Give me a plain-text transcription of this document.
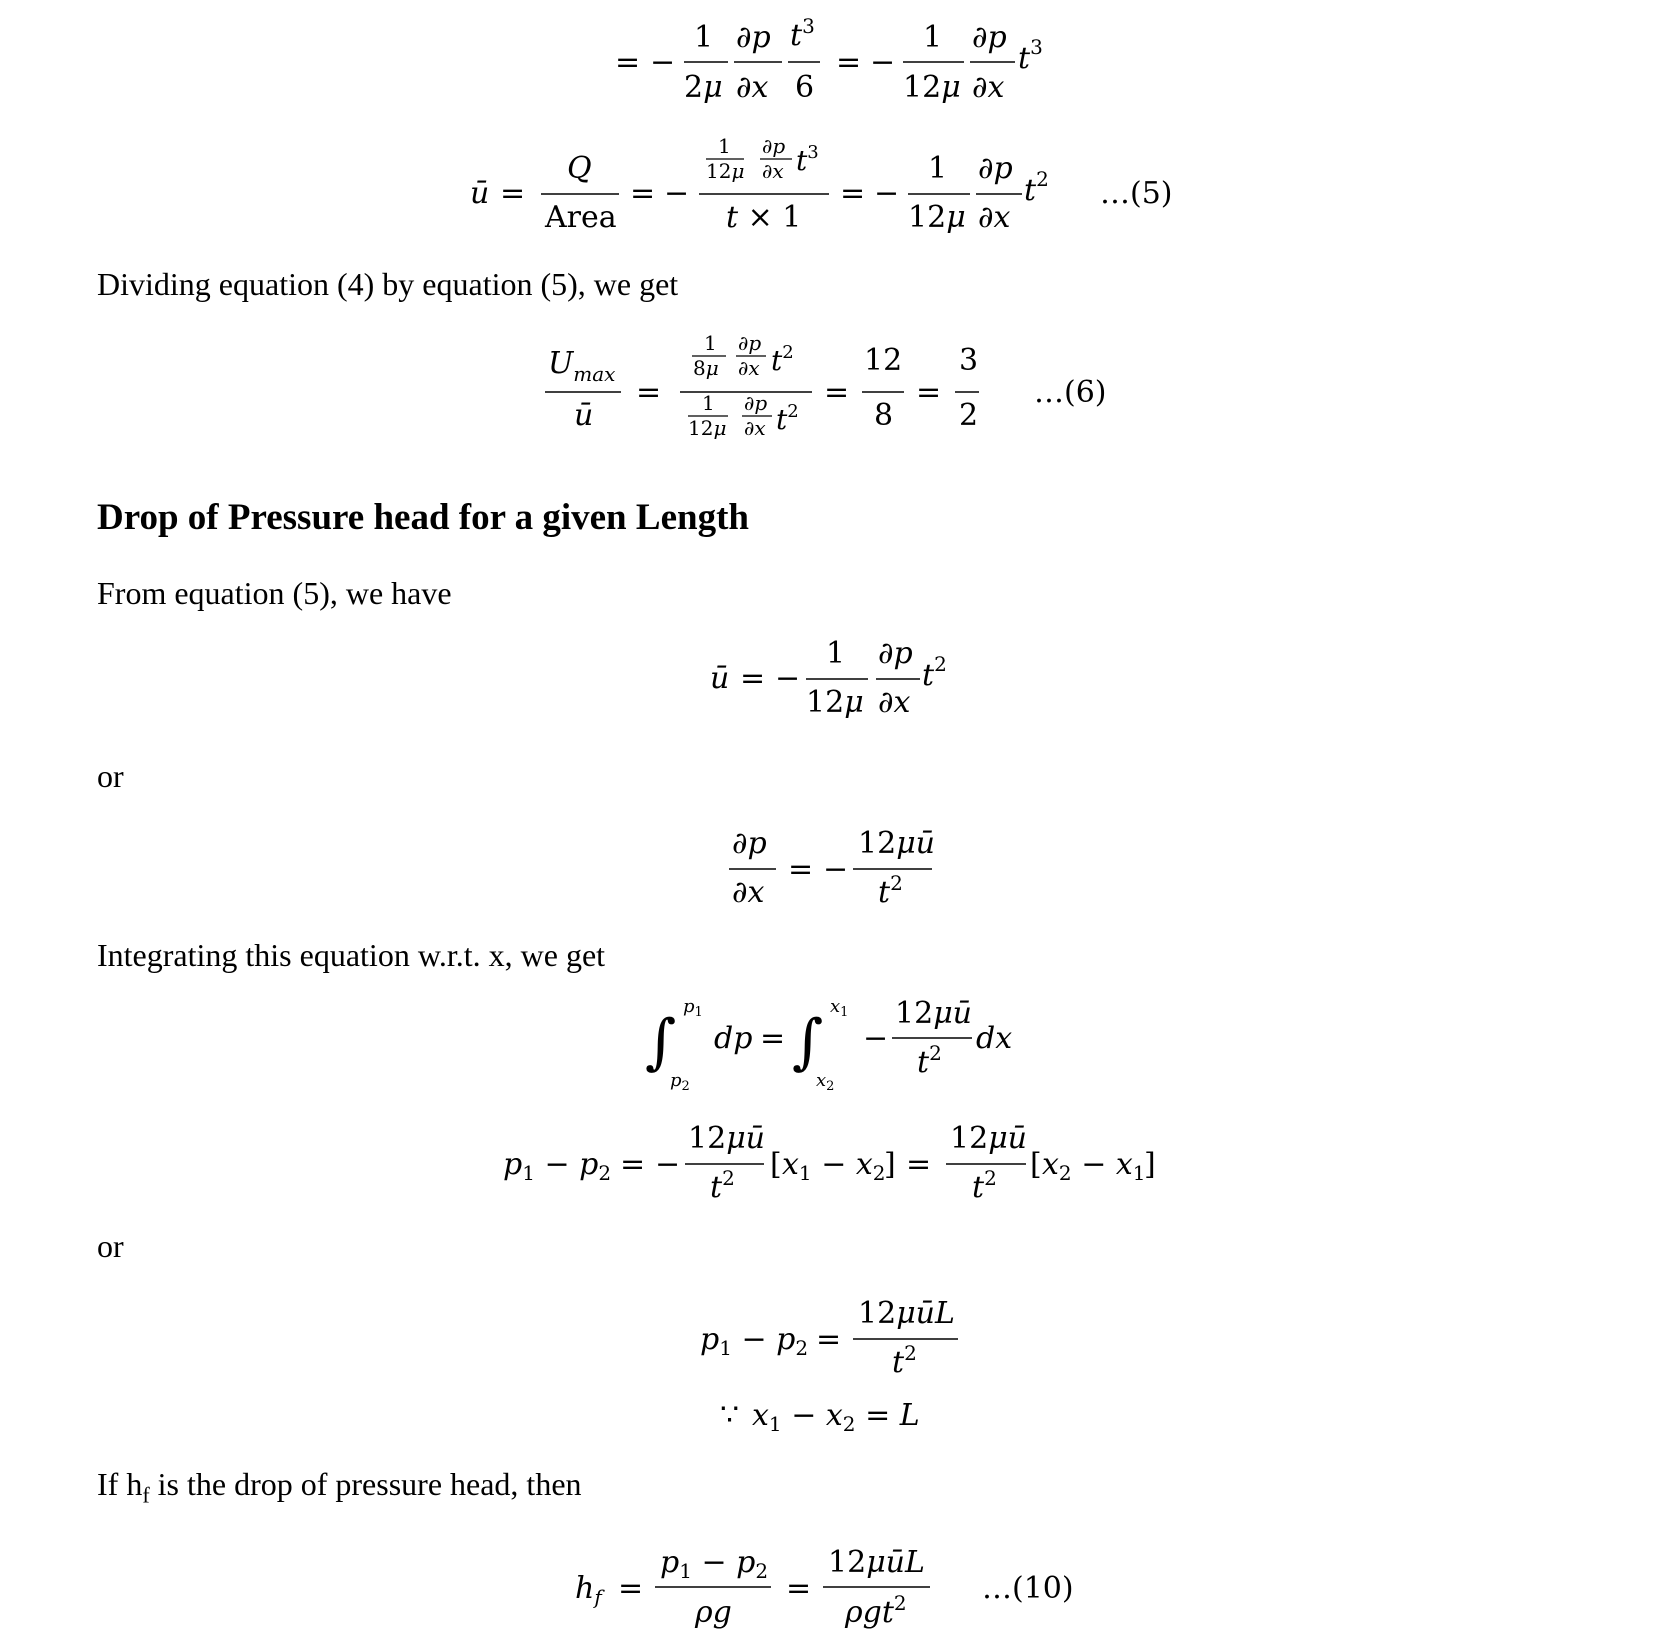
= −
1
2μ
∂p
∂x
$t^3$
6
= −
1
12μ
∂p
∂x
$t^3$
ū =
Q
Area
= −
1
12μ
∂p
∂x $t^3$
t × 1
= −
1
12μ
∂p
∂x
$t^2$ …(5)
Dividing equation (4) by equation (5), we get
$U_{max}$
ū
=
1
8μ
∂p
∂x $t^2$
1
12μ
∂p
∂x $t^2$
=
12
8
=
3
2
…(6)
Drop of Pressure head for a given Length
From equation (5), we have
ū = −
1
12μ
∂p
∂x
$t^2$
or
∂p
∂x
= −
12μū
$t^2$
Integrating this equation w.r.t. x, we get
∫
$p_1$
$p_2$
dp = ∫
$x_1$
$x_2$
−
12μū
$t^2$ dx
$p_1 - p_2$ = −
12μū
$t^2$ [ $x_1 - x_2$
] =
12μū
$t^2$ [ $x_2 - x_1$
]
or
$p_1 - p_2$ =
12μūL
$t^2$
∵ $x_1 - x_2 = L$
If $h_f$ is the drop of pressure head, then
$h_f$ =
$p_1 - p_2$
ρg
=
12μūL
ρgt$^2$	…(10)
